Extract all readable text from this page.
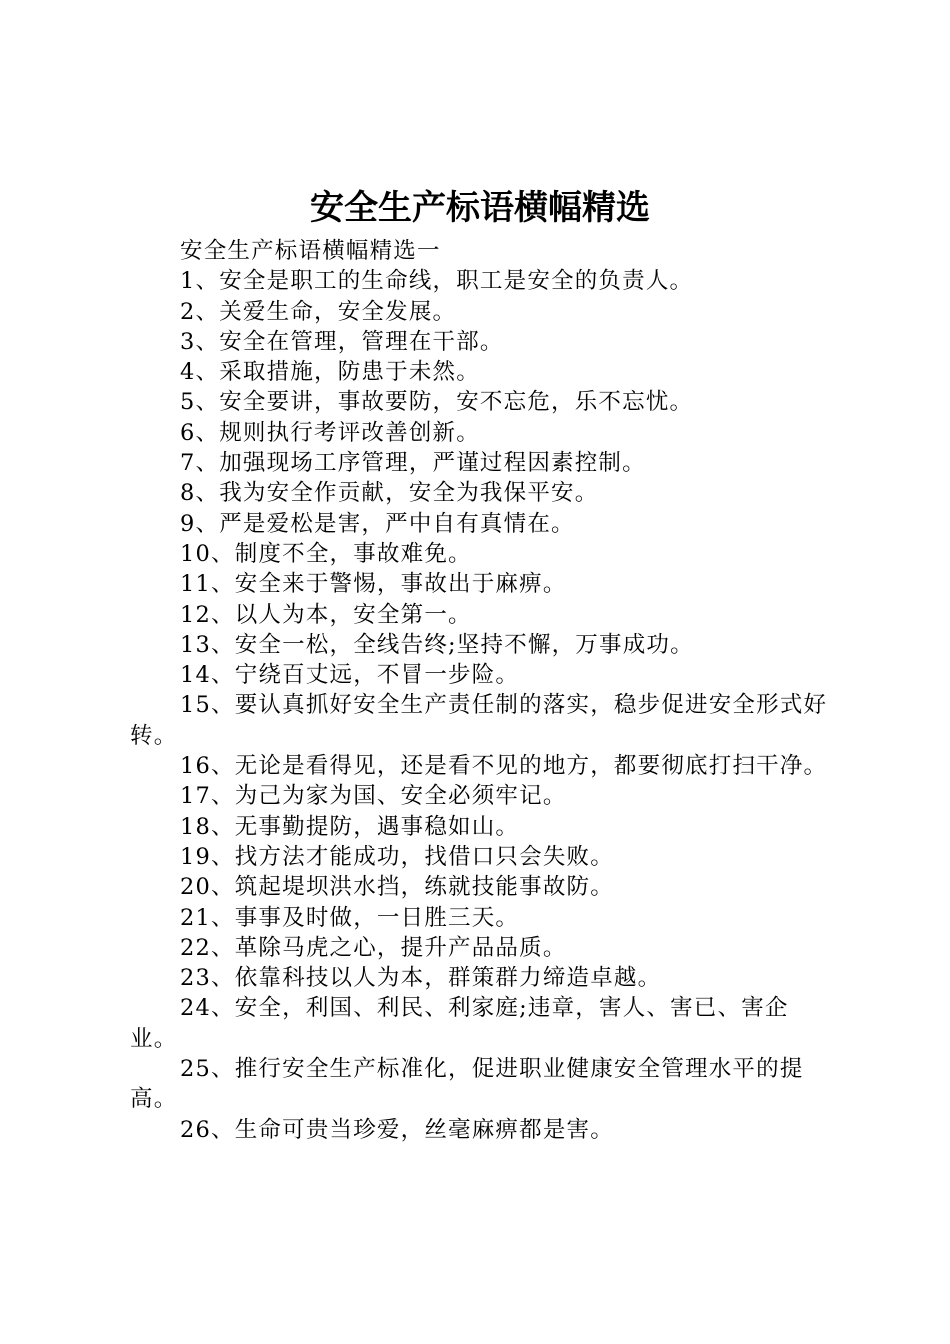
安全生产标语横幅精选

安全生产标语横幅精选一

1、安全是职工的生命线，职工是安全的负责人。

2、关爱生命，安全发展。

3、安全在管理，管理在干部。

4、采取措施，防患于未然。

5、安全要讲，事故要防，安不忘危，乐不忘忧。

6、规则执行考评改善创新。

7、加强现场工序管理，严谨过程因素控制。

8、我为安全作贡献，安全为我保平安。

9、严是爱松是害，严中自有真情在。

10、制度不全，事故难免。

11、安全来于警惕，事故出于麻痹。

12、以人为本，安全第一。

13、安全一松，全线告终;坚持不懈，万事成功。

14、宁绕百丈远，不冒一步险。

15、要认真抓好安全生产责任制的落实，稳步促进安全形式好转。

16、无论是看得见，还是看不见的地方，都要彻底打扫干净。

17、为己为家为国、安全必须牢记。

18、无事勤提防，遇事稳如山。

19、找方法才能成功，找借口只会失败。

20、筑起堤坝洪水挡，练就技能事故防。

21、事事及时做，一日胜三天。

22、革除马虎之心，提升产品品质。

23、依靠科技以人为本，群策群力缔造卓越。

24、安全，利国、利民、利家庭;违章，害人、害已、害企业。

25、推行安全生产标准化，促进职业健康安全管理水平的提高。

26、生命可贵当珍爱，丝毫麻痹都是害。
